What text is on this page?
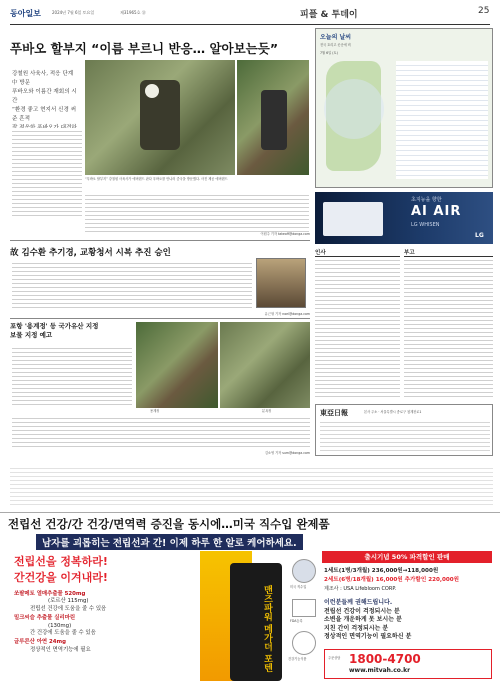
동아일보	2024년 7월 6일 토요일	제31965호 ⑬	피플 & 투데이	25
푸바오 할부지 “이름 부르니 반응… 알아보는듯”
강철원 사육사, 적응 단계 中 방문
푸바오와 이름간 재회의 시간
“환경 좋고 현지서 신경 써준 흔적
“푸바오 할부지” 강철원 사육사가 에버랜드 판다 푸바오를 만나러 중국을 방문했다. 사진 제공 에버랜드
이원주 기자 takeoff@donga.com
故 김수환 추기경, 교황청서 시복 추진 승인
유근형 기자 noel@donga.com
포항 '용계정' 등 국가유산 지정
보물 지정 예고
용계정	분옥정
김소영 기자 sum@donga.com
오늘의 날씨
전국 흐리고 곳곳에 비
7월 6일 (토)
초지능을 향한
AI AIR
LG WHISEN
LG
인사	부고
東亞日報	본사 주소 · 서울특별시 종로구 청계천로1
전립선 건강/간 건강/면역력 증진을 동시에…미국 직수입 완제품
남자를 괴롭히는 전립선과 간! 이제 하루 한 알로 케어하세요.
전립선을 정복하라!
간건강을 이겨내라!
쏘팔메토 열매추출물 520mg
(로르산 115mg)
전립선 건강에 도움을 줄 수 있음
밀크씨슬 추출물 실리마린
(130mg)
간 건강에 도움을 줄 수 있음
글루콘산 아연 24mg
정상적인 면역기능에 필요	맨즈파워 메가더 포텐	미국 직수입
FDA등록
건강기능식품
출시기념 50% 파격할인 판매
1세트(1병/3개월) 236,000원→118,000원
2세트(6병/18개월) 16,000원 추가할인 220,000원
제조사 : USA Lifebloom CORP.
이런분들께 권해드립니다.
전립선 건강이 걱정되시는 분
소변을 개운하게 못 보시는 분
지친 간이 걱정되시는 분
정상적인 면역기능이 필요하신 분
주문상담 1800-4700
www.mitvah.co.kr
